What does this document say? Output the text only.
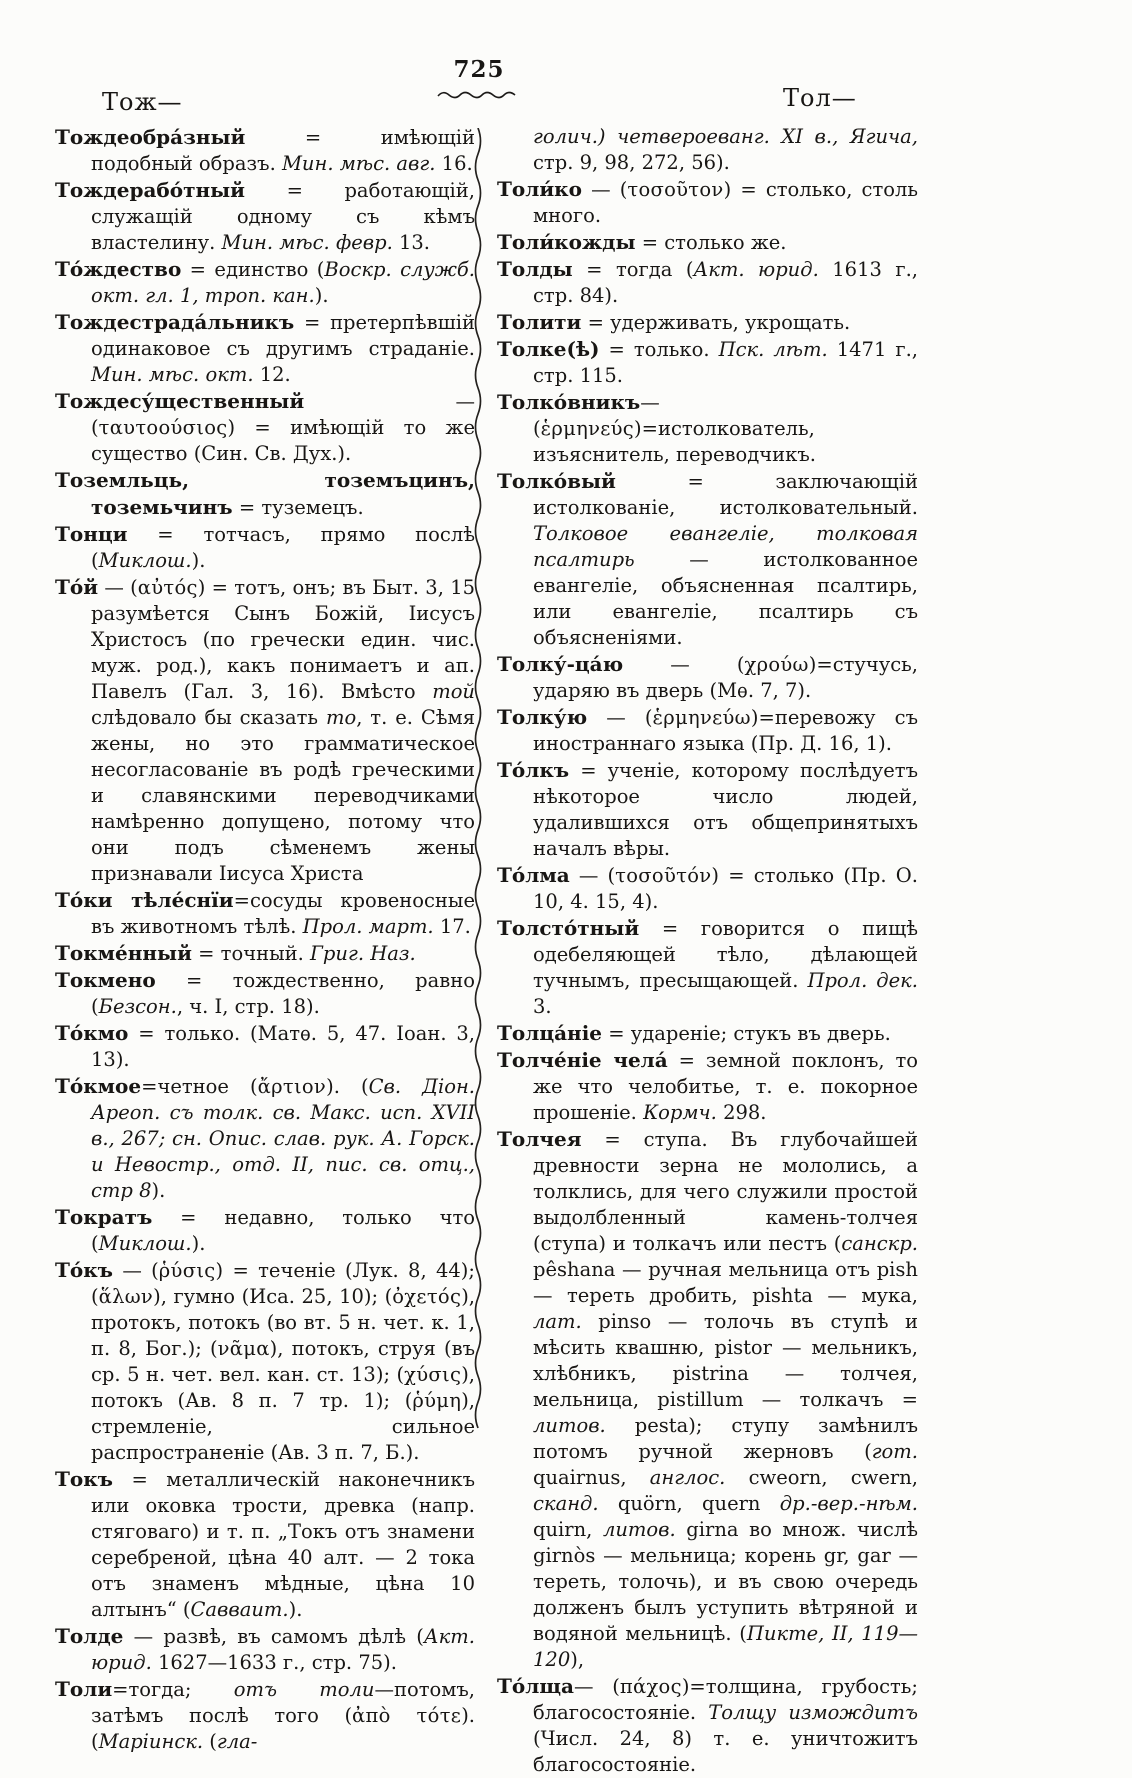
725
Тож—	Тол—

Тождеобра́зный = имѣющій подобный образъ. Мин. мѣс. авг. 16.

Тождерабо́тный = работающій, служащій одному съ кѣмъ властелину. Мин. мѣс. февр. 13.

То́ждество = единство (Воскр. служб. окт. гл. 1, троп. кан.).

Тождестрада́льникъ = претерпѣвшій одинаковое съ другимъ страданіе. Мин. мѣс. окт. 12.

Тождесу́щественный — (ταυτοούσιος) = имѣющій то же существо (Син. Св. Дух.).

Тоземльць, тоземъцинъ, тоземьчинъ = туземецъ.

Тонци = тотчасъ, прямо послѣ (Миклош.).

То́й — (αὐτός) = тотъ, онъ; въ Быт. 3, 15 разумѣется Сынъ Божій, Іисусъ Христосъ (по гречески един. чис. муж. род.), какъ понимаетъ и ап. Павелъ (Гал. 3, 16). Вмѣсто той слѣдовало бы сказать то, т. е. Сѣмя жены, но это грамматическое несогласованіе въ родѣ греческими и славянскими переводчиками намѣренно допущено, потому что они подъ сѣменемъ жены признавали Іисуса Христа

То́ки тѣле́снїи=сосуды кровеносные въ животномъ тѣлѣ. Прол. март. 17.

Токме́нный = точный. Григ. Наз.

Токмено = тождественно, равно (Безсон., ч. I, стр. 18).

То́кмо = только. (Матѳ. 5, 47. Іоан. 3, 13).

То́кмое=четное (ἄρτιον). (Св. Діон. Ареоп. съ толк. св. Макс. исп. XVII в., 267; сн. Опис. слав. рук. А. Горск. и Невостр., отд. II, пис. св. отц., стр 8).

Тократъ = недавно, только что (Миклош.).

То́къ — (ῥύσις) = теченіе (Лук. 8, 44); (ἅλων), гумно (Иса. 25, 10); (ὀχετός), протокъ, потокъ (во вт. 5 н. чет. к. 1, п. 8, Бог.); (νᾶμα), потокъ, струя (въ ср. 5 н. чет. вел. кан. ст. 13); (χύσις), потокъ (Ав. 8 п. 7 тр. 1); (ῥύμη), стремленіе, сильное распространеніе (Ав. 3 п. 7, Б.).

Токъ = металлическій наконечникъ или оковка трости, древка (напр. стяговаго) и т. п. „Токъ отъ знамени серебреной, цѣна 40 алт. — 2 тока отъ знаменъ мѣдные, цѣна 10 алтынъ“ (Савваит.).

Толде — развѣ, въ самомъ дѣлѣ (Акт. юрид. 1627—1633 г., стр. 75).

Толи=тогда; отъ толи—потомъ, затѣмъ послѣ того (ἀπὸ τότε). (Маріинск. (гла-

голич.) четвероеванг. XI в., Ягича, стр. 9, 98, 272, 56).

Толи́ко — (τοσοῦτον) = столько, столь много.

Толи́кожды = столько же.

Толды = тогда (Акт. юрид. 1613 г., стр. 84).

Толити = удерживать, укрощать.

Толке(ѣ) = только. Пск. лѣт. 1471 г., стр. 115.

Толко́вникъ— (ἑρμηνεύς)=истолкователь, изъяснитель, переводчикъ.

Толко́вый = заключающій истолкованіе, истолковательный. Толковое евангеліе, толковая псалтирь — истолкованное евангеліе, объясненная псалтирь, или евангеліе, псалтирь съ объясненіями.

Толку́-ца́ю — (χρούω)=стучусь, ударяю въ дверь (Мѳ. 7, 7).

Толку́ю — (ἑρμηνεύω)=перевожу съ иностраннаго языка (Пр. Д. 16, 1).

То́лкъ = ученіе, которому послѣдуетъ нѣкоторое число людей, удалившихся отъ общепринятыхъ началъ вѣры.

То́лма — (τοσοῦτόν) = столько (Пр. О. 10, 4. 15, 4).

Толсто́тный = говорится о пищѣ одебеляющей тѣло, дѣлающей тучнымъ, пресыщающей. Прол. дек. 3.

Толца́ніе = удареніе; стукъ въ дверь.

Толче́ніе чела́ = земной поклонъ, то же что челобитье, т. е. покорное прошеніе. Кормч. 298.

Толчея = ступа. Въ глубочайшей древности зерна не мололись, а толклись, для чего служили простой выдолбленный камень-толчея (ступа) и толкачъ или пестъ (санскр. pêshana — ручная мельница отъ pish — тереть дробить, pishta — мука, лат. pinso — толочь въ ступѣ и мѣсить квашню, pistor — мельникъ, хлѣбникъ, pistrina — толчея, мельница, pistillum — толкачъ = литов. pesta); ступу замѣнилъ потомъ ручной жерновъ (гот. quairnus, англос. cweorn, cwern, сканд. quörn, quern др.-вер.-нѣм. quirn, литов. girna во множ. числѣ girnòs — мельница; корень gr, gar — тереть, толочь), и въ свою очередь долженъ былъ уступить вѣтряной и водяной мельницѣ. (Пикте, II, 119—120),

То́лща— (πάχος)=толщина, грубость; благосостояніе. Толщу измождитъ (Числ. 24, 8) т. е. уничтожитъ благосостояніе.
